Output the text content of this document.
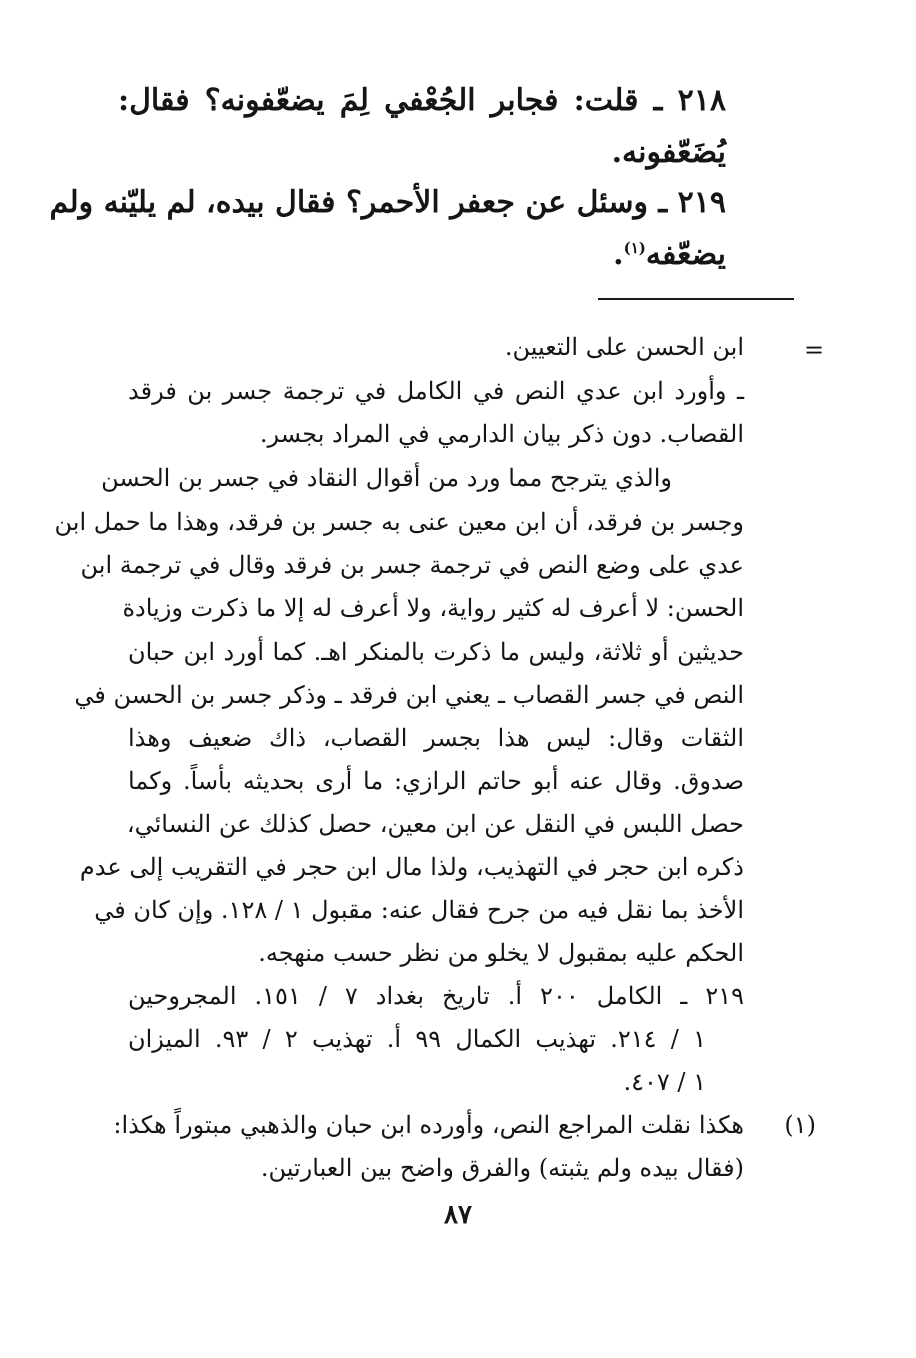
٢١٨ ـ قلت: فجابر الجُعْفي لِمَ يضعّفونه؟ فقال:
يُضَعّفونه.
٢١٩ ـ وسئل عن جعفر الأحمر؟ فقال بيده، لم يليّنه ولم
يضعّفه$^{(١)}$.
=
ابن الحسن على التعيين.
ـ وأورد ابن عدي النص في الكامل في ترجمة جسر بن فرقد
القصاب. دون ذكر بيان الدارمي في المراد بجسر.
والذي يترجح مما ورد من أقوال النقاد في جسر بن الحسن
وجسر بن فرقد، أن ابن معين عنى به جسر بن فرقد، وهذا ما حمل ابن
عدي على وضع النص في ترجمة جسر بن فرقد وقال في ترجمة ابن
الحسن: لا أعرف له كثير رواية، ولا أعرف له إلا ما ذكرت وزيادة
حديثين أو ثلاثة، وليس ما ذكرت بالمنكر اهـ. كما أورد ابن حبان
النص في جسر القصاب ـ يعني ابن فرقد ـ وذكر جسر بن الحسن في
الثقات وقال: ليس هذا بجسر القصاب، ذاك ضعيف وهذا
صدوق. وقال عنه أبو حاتم الرازي: ما أرى بحديثه بأساً. وكما
حصل اللبس في النقل عن ابن معين، حصل كذلك عن النسائي،
ذكره ابن حجر في التهذيب، ولذا مال ابن حجر في التقريب إلى عدم
الأخذ بما نقل فيه من جرح فقال عنه: مقبول ١ / ١٢٨. وإن كان في
الحكم عليه بمقبول لا يخلو من نظر حسب منهجه.
٢١٩ ـ الكامل ٢٠٠ أ. تاريخ بغداد ٧ / ١٥١. المجروحين
١ / ٢١٤. تهذيب الكمال ٩٩ أ. تهذيب ٢ / ٩٣. الميزان
١ / ٤٠٧.
(١)
هكذا نقلت المراجع النص، وأورده ابن حبان والذهبي مبتوراً هكذا:
(فقال بيده ولم يثبته) والفرق واضح بين العبارتين.
٨٧
